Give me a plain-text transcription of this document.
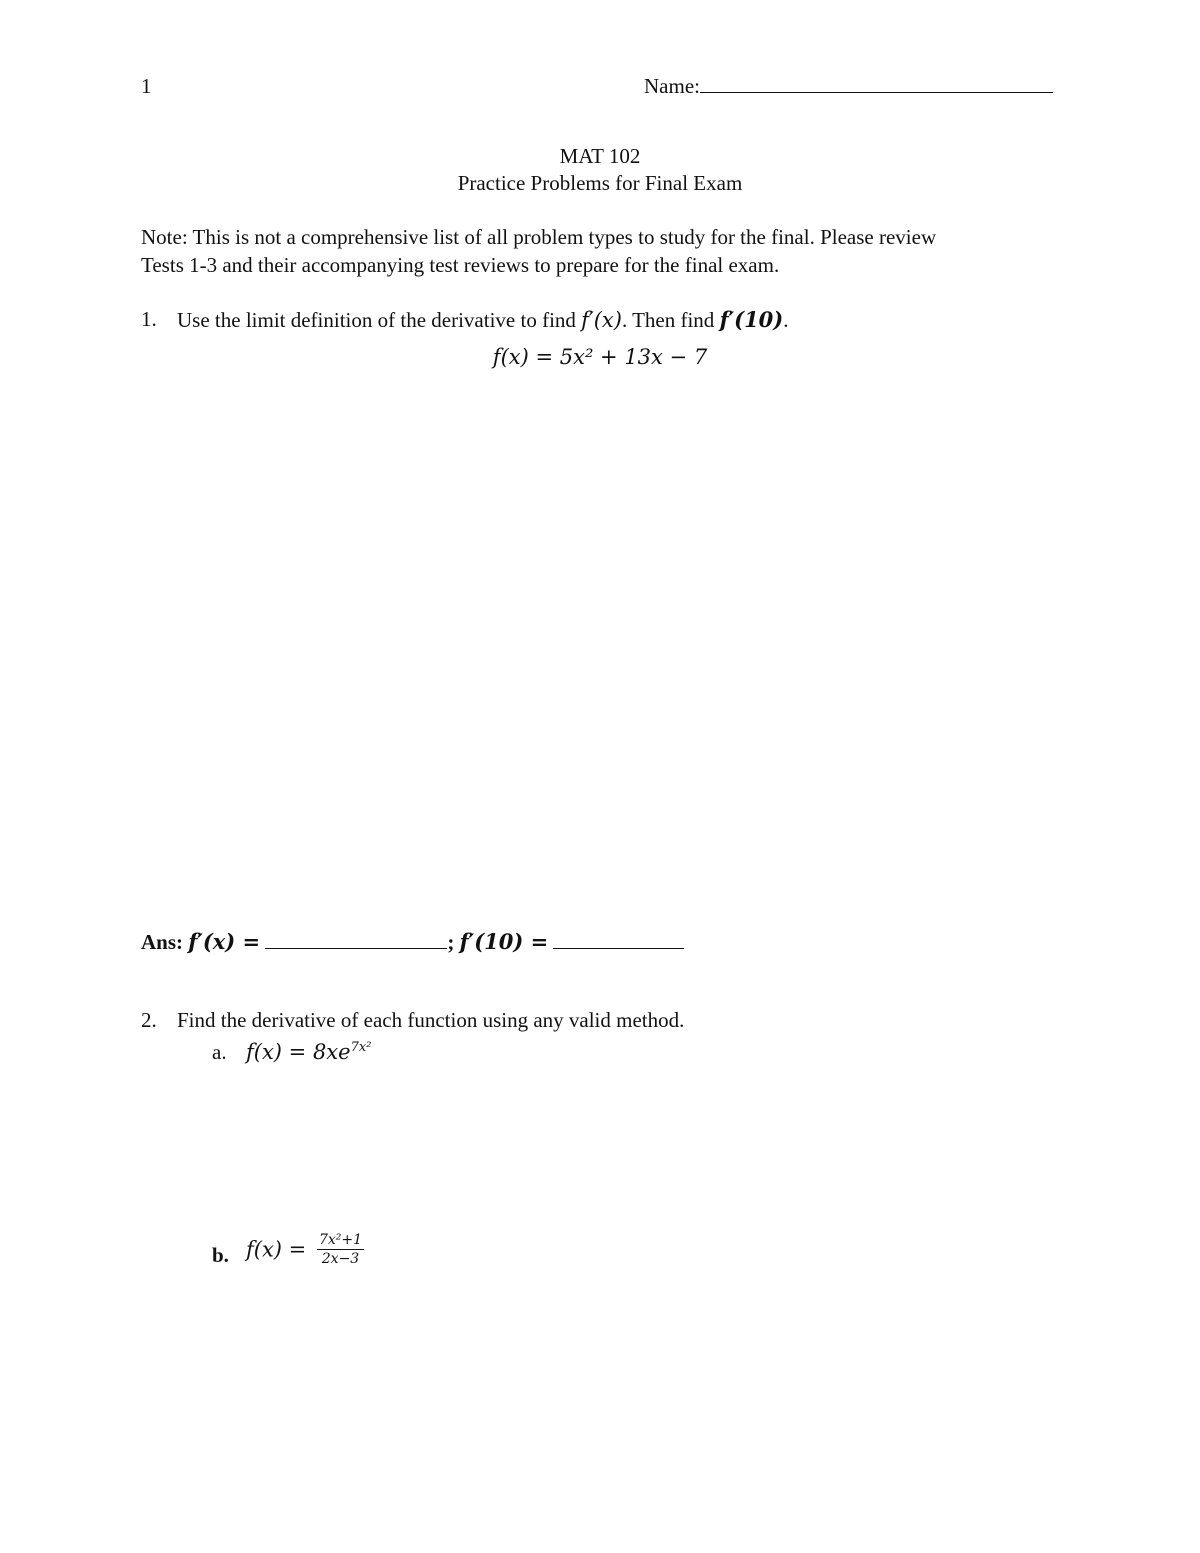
1	Name:
MAT 102
Practice Problems for Final Exam
Note: This is not a comprehensive list of all problem types to study for the final. Please review
Tests 1-3 and their accompanying test reviews to prepare for the final exam.
1. Use the limit definition of the derivative to find f′(x). Then find f′(10).
f(x) = 5x² + 13x − 7
Ans: f′(x) =	; f′(10) =
2. Find the derivative of each function using any valid method.
a. $f(x) = 8xe^{7x^2}$
b. $f(x) = \frac{\text{7x²+1}}{2x-3}$
